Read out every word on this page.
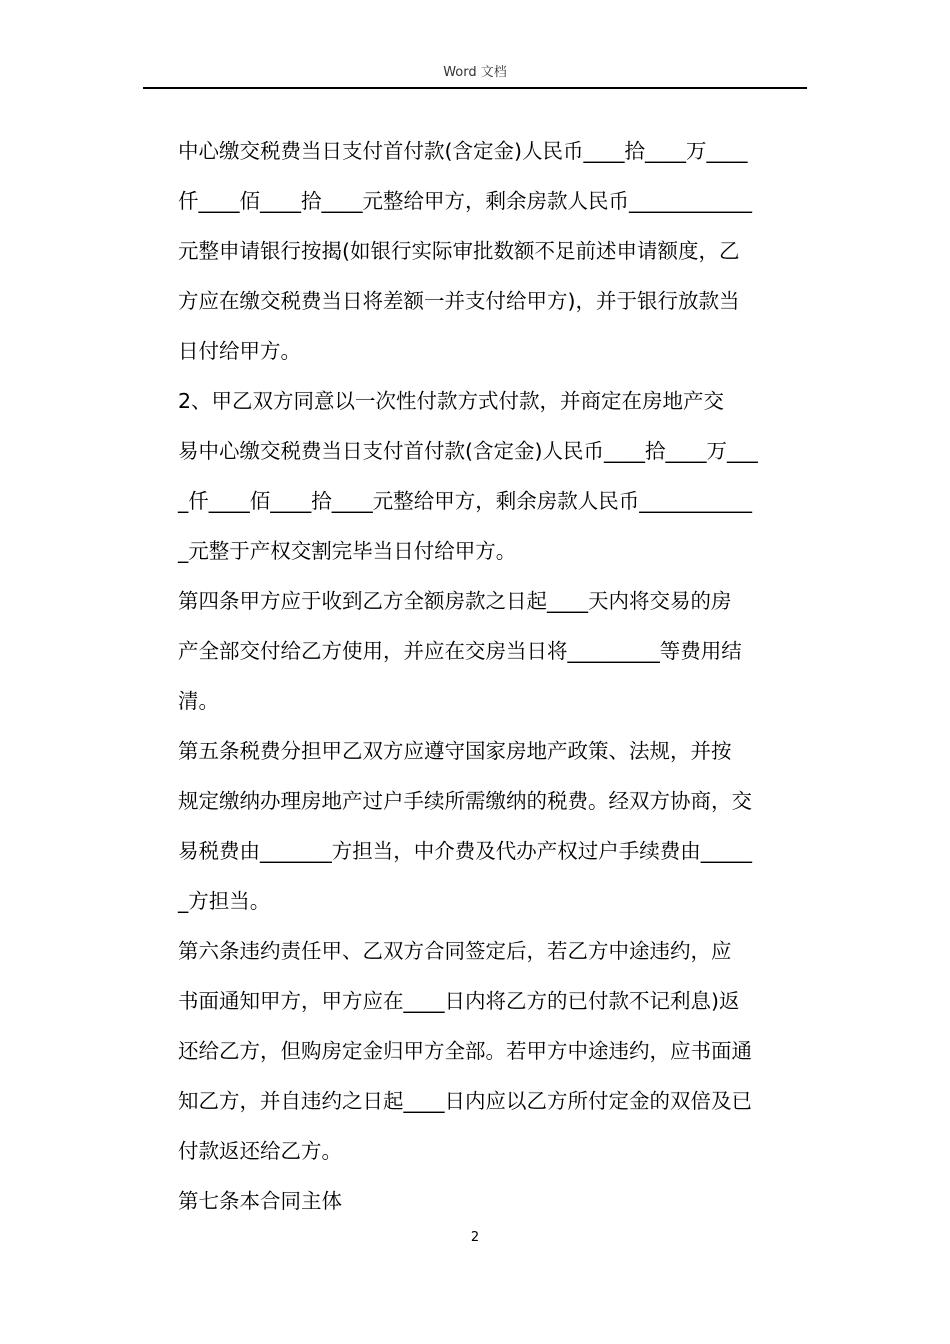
Word 文档
中心缴交税费当日支付首付款(含定金)人民币____拾____万____
仟____佰____拾____元整给甲方，剩余房款人民币____________
元整申请银行按揭(如银行实际审批数额不足前述申请额度，乙
方应在缴交税费当日将差额一并支付给甲方)，并于银行放款当
日付给甲方。
2、甲乙双方同意以一次性付款方式付款，并商定在房地产交
易中心缴交税费当日支付首付款(含定金)人民币____拾____万___
_仟____佰____拾____元整给甲方，剩余房款人民币___________
_元整于产权交割完毕当日付给甲方。
第四条甲方应于收到乙方全额房款之日起____天内将交易的房
产全部交付给乙方使用，并应在交房当日将_________等费用结
清。
第五条税费分担甲乙双方应遵守国家房地产政策、法规，并按
规定缴纳办理房地产过户手续所需缴纳的税费。经双方协商，交
易税费由_______方担当，中介费及代办产权过户手续费由_____
_方担当。
第六条违约责任甲、乙双方合同签定后，若乙方中途违约，应
书面通知甲方，甲方应在____日内将乙方的已付款不记利息)返
还给乙方，但购房定金归甲方全部。若甲方中途违约，应书面通
知乙方，并自违约之日起____日内应以乙方所付定金的双倍及已
付款返还给乙方。
第七条本合同主体
2
